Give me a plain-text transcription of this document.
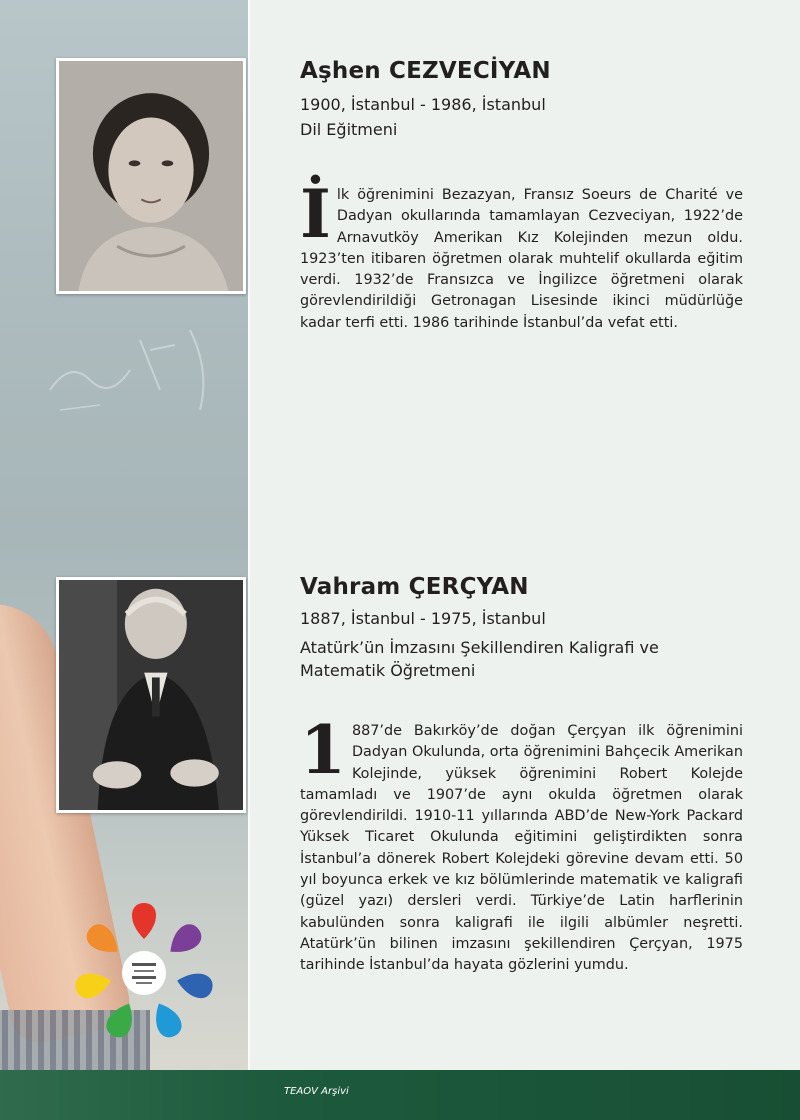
Aşhen CEZVECİYAN
1900, İstanbul - 1986, İstanbul
Dil Eğitmeni
İ lk öğrenimini Bezazyan, Fransız Soeurs de Charité ve Dadyan okullarında tamamlayan Cezveciyan, 1922’de Arnavutköy Amerikan Kız Kolejinden mezun oldu. 1923’ten itibaren öğretmen olarak muhtelif okullarda eğitim verdi. 1932’de Fransızca ve İngilizce öğretmeni olarak görevlendirildiği Getronagan Lisesinde ikinci müdürlüğe kadar terfi etti. 1986 tarihinde İstanbul’da vefat etti.
Vahram ÇERÇYAN
1887, İstanbul - 1975, İstanbul
Atatürk’ün İmzasını Şekillendiren Kaligrafi ve
Matematik Öğretmeni
1 887’de Bakırköy’de doğan Çerçyan ilk öğrenimini Dadyan Okulunda, orta öğrenimini Bahçecik Amerikan Kolejinde, yüksek öğrenimini Robert Kolejde tamamladı ve 1907’de aynı okulda öğretmen olarak görevlendirildi. 1910-11 yıllarında ABD’de New-York Packard Yüksek Ticaret Okulunda eğitimini geliştirdikten sonra İstanbul’a dönerek Robert Kolejdeki görevine devam etti. 50 yıl boyunca erkek ve kız bölümlerinde matematik ve kaligrafi (güzel yazı) dersleri verdi. Türkiye’de Latin harflerinin kabulünden sonra kaligrafi ile ilgili albümler neşretti. Atatürk’ün bilinen imzasını şekillendiren Çerçyan, 1975 tarihinde İstanbul’da hayata gözlerini yumdu.
TEAOV Arşivi
